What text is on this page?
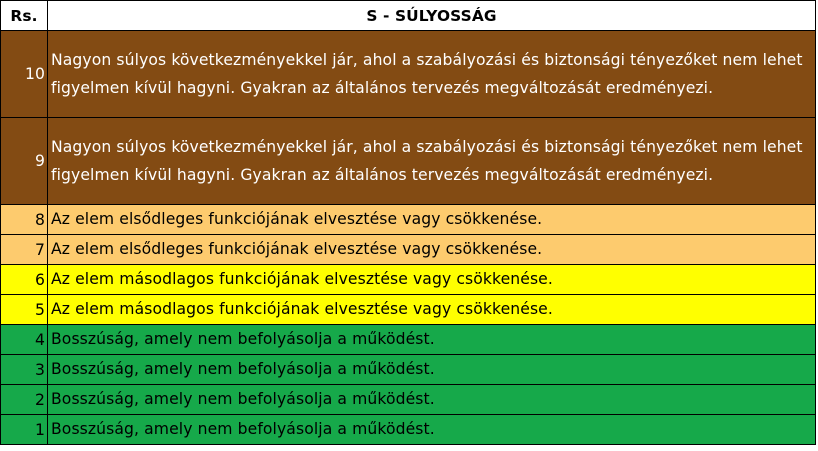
Rs.	S - SÚLYOSSÁG
10	Nagyon súlyos következményekkel jár, ahol a szabályozási és biztonsági tényezőket nem lehet figyelmen kívül hagyni. Gyakran az általános tervezés megváltozását eredményezi.
9	Nagyon súlyos következményekkel jár, ahol a szabályozási és biztonsági tényezőket nem lehet figyelmen kívül hagyni. Gyakran az általános tervezés megváltozását eredményezi.
8	Az elem elsődleges funkciójának elvesztése vagy csökkenése.
7	Az elem elsődleges funkciójának elvesztése vagy csökkenése.
6	Az elem másodlagos funkciójának elvesztése vagy csökkenése.
5	Az elem másodlagos funkciójának elvesztése vagy csökkenése.
4	Bosszúság, amely nem befolyásolja a működést.
3	Bosszúság, amely nem befolyásolja a működést.
2	Bosszúság, amely nem befolyásolja a működést.
1	Bosszúság, amely nem befolyásolja a működést.
